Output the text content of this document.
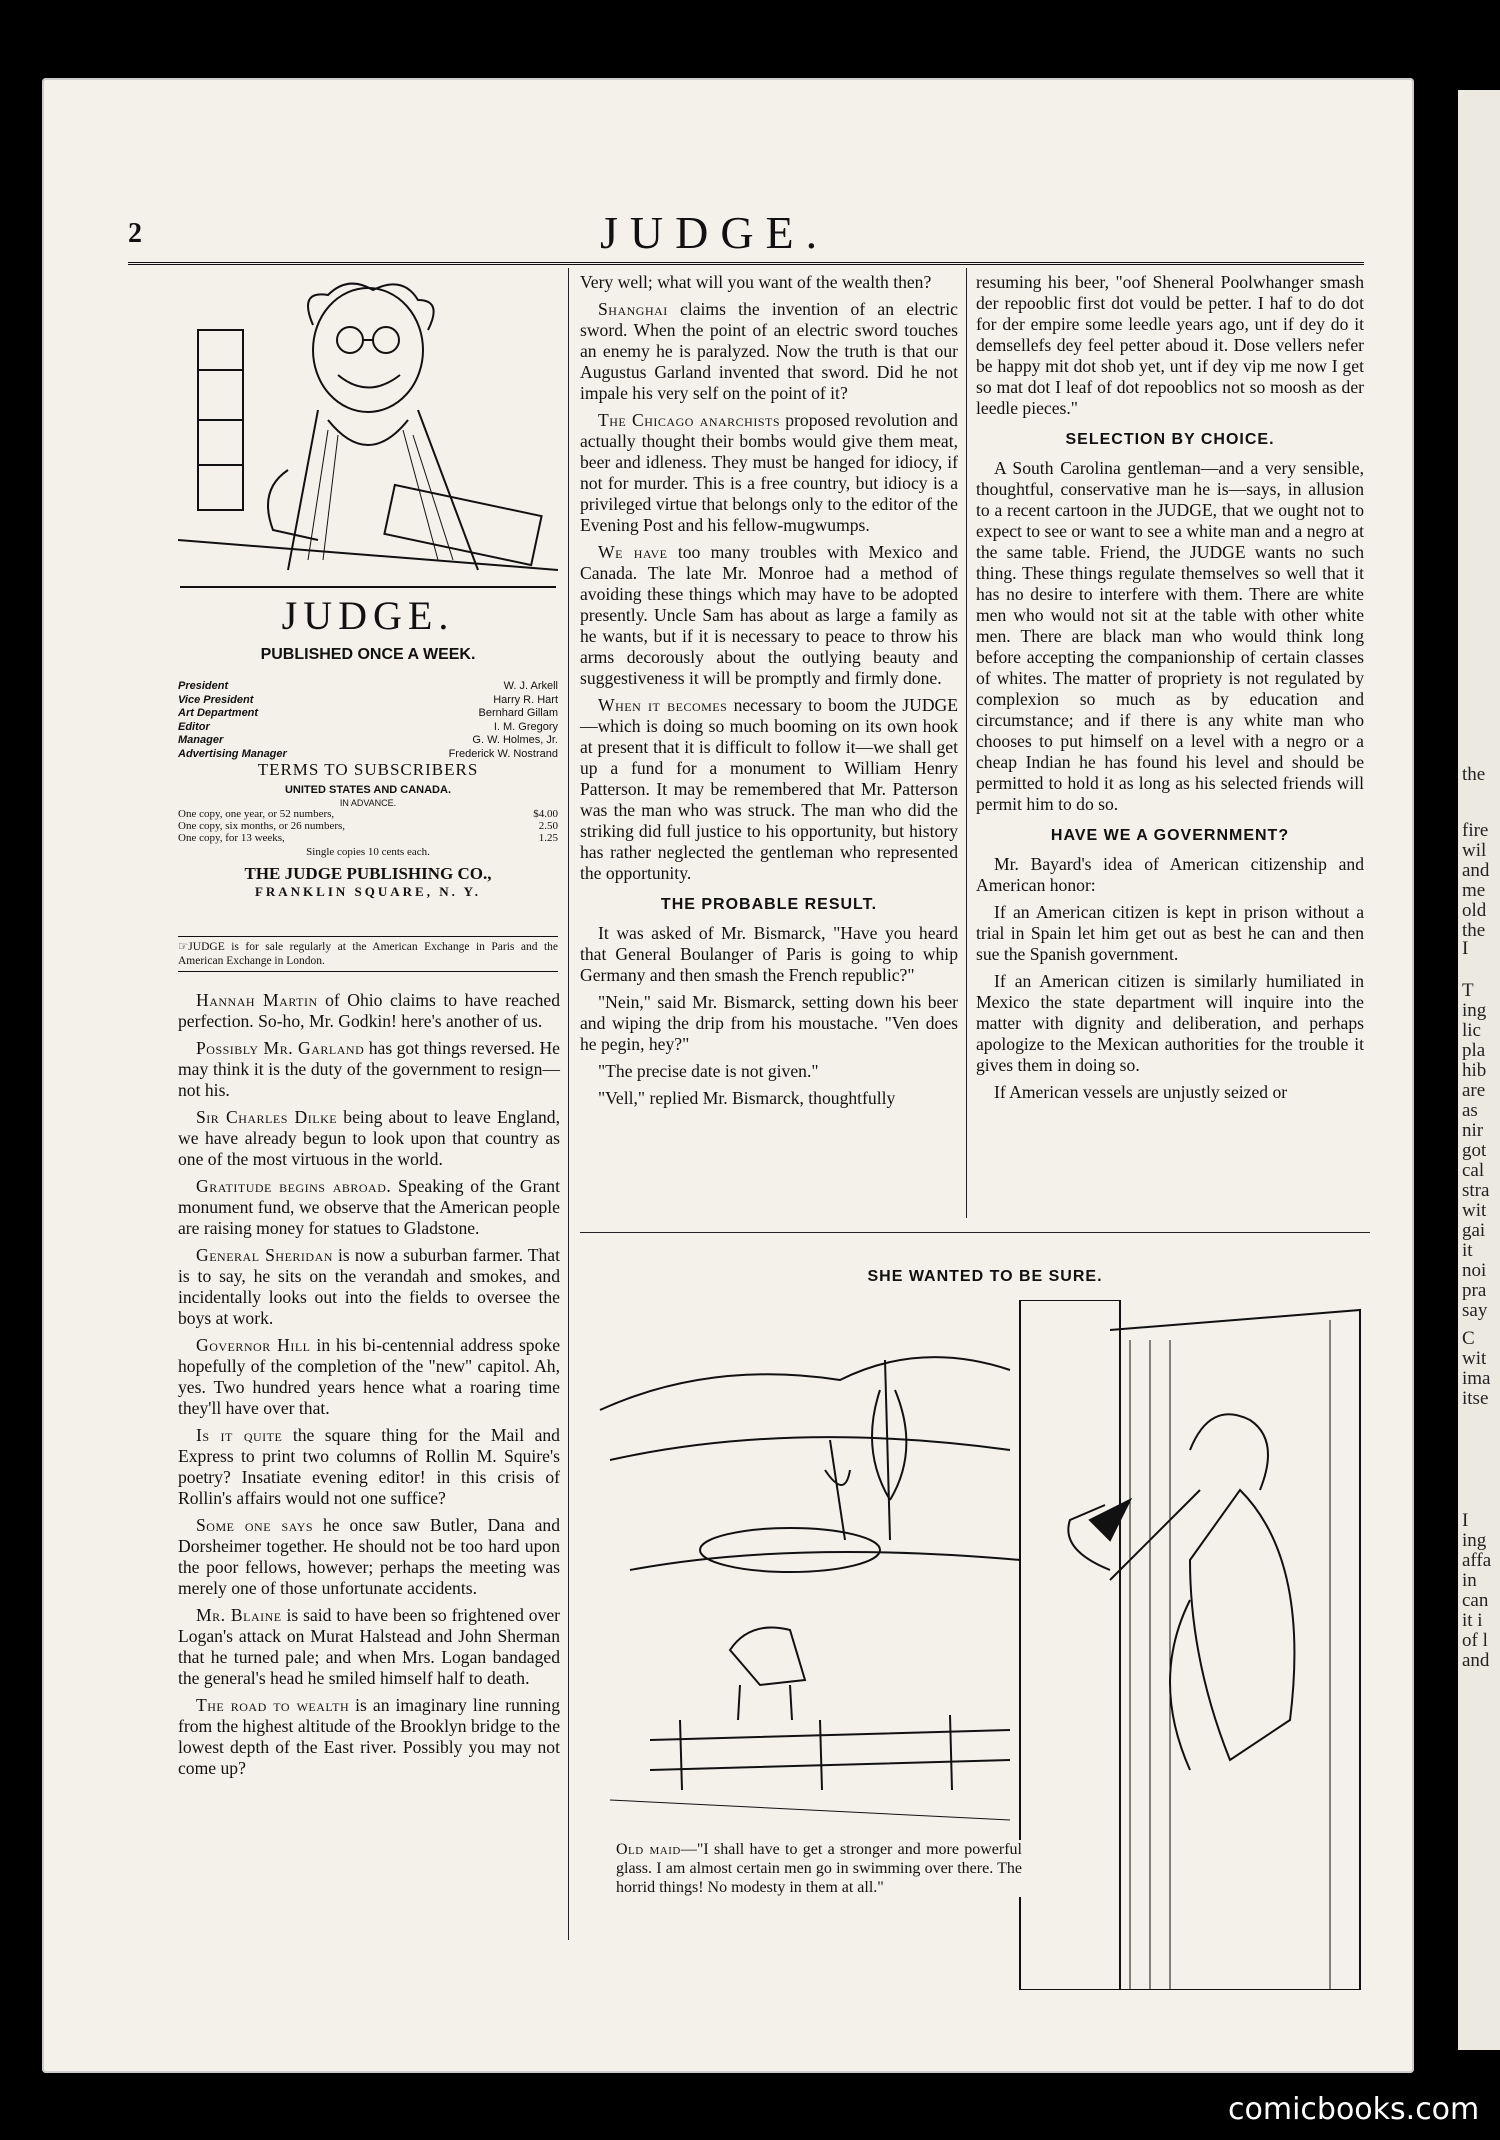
the
fire
wil
and
me
old
the
I
T
ing
lic
pla
hib
are
as
nir
got
cal
stra
wit
gai
it
noi
pra
say
C
wit
ima
itse
I
ing
affa
in
can
it i
of l
and
2	JUDGE.
JUDGE.
PUBLISHED ONCE A WEEK.
President	W. J. Arkell
Vice President	Harry R. Hart
Art Department	Bernhard Gillam
Editor	I. M. Gregory
Manager	G. W. Holmes, Jr.
Advertising Manager	Frederick W. Nostrand
TERMS TO SUBSCRIBERS
UNITED STATES AND CANADA.
IN ADVANCE.
One copy, one year, or 52 numbers,	$4.00
One copy, six months, or 26 numbers,	2.50
One copy, for 13 weeks,	1.25
Single copies 10 cents each.
THE JUDGE PUBLISHING CO.,
FRANKLIN SQUARE, N. Y.
☞JUDGE is for sale regularly at the American Exchange in Paris and the American Exchange in London.

Hannah Martin of Ohio claims to have reached perfection. So-ho, Mr. Godkin! here's another of us.

Possibly Mr. Garland has got things reversed. He may think it is the duty of the government to resign—not his.

Sir Charles Dilke being about to leave England, we have already begun to look upon that country as one of the most virtuous in the world.

Gratitude begins abroad. Speaking of the Grant monument fund, we observe that the American people are raising money for statues to Gladstone.

General Sheridan is now a suburban farmer. That is to say, he sits on the verandah and smokes, and incidentally looks out into the fields to oversee the boys at work.

Governor Hill in his bi-centennial address spoke hopefully of the completion of the "new" capitol. Ah, yes. Two hundred years hence what a roaring time they'll have over that.

Is it quite the square thing for the Mail and Express to print two columns of Rollin M. Squire's poetry? Insatiate evening editor! in this crisis of Rollin's affairs would not one suffice?

Some one says he once saw Butler, Dana and Dorsheimer together. He should not be too hard upon the poor fellows, however; perhaps the meeting was merely one of those unfortunate accidents.

Mr. Blaine is said to have been so frightened over Logan's attack on Murat Halstead and John Sherman that he turned pale; and when Mrs. Logan bandaged the general's head he smiled himself half to death.

The road to wealth is an imaginary line running from the highest altitude of the Brooklyn bridge to the lowest depth of the East river. Possibly you may not come up?

Very well; what will you want of the wealth then?

Shanghai claims the invention of an electric sword. When the point of an electric sword touches an enemy he is paralyzed. Now the truth is that our Augustus Garland invented that sword. Did he not impale his very self on the point of it?

The Chicago anarchists proposed revolution and actually thought their bombs would give them meat, beer and idleness. They must be hanged for idiocy, if not for murder. This is a free country, but idiocy is a privileged virtue that belongs only to the editor of the Evening Post and his fellow-mugwumps.

We have too many troubles with Mexico and Canada. The late Mr. Monroe had a method of avoiding these things which may have to be adopted presently. Uncle Sam has about as large a family as he wants, but if it is necessary to peace to throw his arms decorously about the outlying beauty and suggestiveness it will be promptly and firmly done.

When it becomes necessary to boom the JUDGE—which is doing so much booming on its own hook at present that it is difficult to follow it—we shall get up a fund for a monument to William Henry Patterson. It may be remembered that Mr. Patterson was the man who was struck. The man who did the striking did full justice to his opportunity, but history has rather neglected the gentleman who represented the opportunity.

THE PROBABLE RESULT.

It was asked of Mr. Bismarck, "Have you heard that General Boulanger of Paris is going to whip Germany and then smash the French republic?"

"Nein," said Mr. Bismarck, setting down his beer and wiping the drip from his moustache. "Ven does he pegin, hey?"

"The precise date is not given."

"Vell," replied Mr. Bismarck, thoughtfully

resuming his beer, "oof Sheneral Poolwhanger smash der repooblic first dot vould be petter. I haf to do dot for der empire some leedle years ago, unt if dey do it demsellefs dey feel petter aboud it. Dose vellers nefer be happy mit dot shob yet, unt if dey vip me now I get so mat dot I leaf of dot repooblics not so moosh as der leedle pieces."

SELECTION BY CHOICE.

A South Carolina gentleman—and a very sensible, thoughtful, conservative man he is—says, in allusion to a recent cartoon in the JUDGE, that we ought not to expect to see or want to see a white man and a negro at the same table. Friend, the JUDGE wants no such thing. These things regulate themselves so well that it has no desire to interfere with them. There are white men who would not sit at the table with other white men. There are black man who would think long before accepting the companionship of certain classes of whites. The matter of propriety is not regulated by complexion so much as by education and circumstance; and if there is any white man who chooses to put himself on a level with a negro or a cheap Indian he has found his level and should be permitted to hold it as long as his selected friends will permit him to do so.

HAVE WE A GOVERNMENT?

Mr. Bayard's idea of American citizenship and American honor:

If an American citizen is kept in prison without a trial in Spain let him get out as best he can and then sue the Spanish government.

If an American citizen is similarly humiliated in Mexico the state department will inquire into the matter with dignity and deliberation, and perhaps apologize to the Mexican authorities for the trouble it gives them in doing so.

If American vessels are unjustly seized or

SHE WANTED TO BE SURE.
Old maid—"I shall have to get a stronger and more powerful glass. I am almost certain men go in swimming over there. The horrid things! No modesty in them at all."
comicbooks.com
